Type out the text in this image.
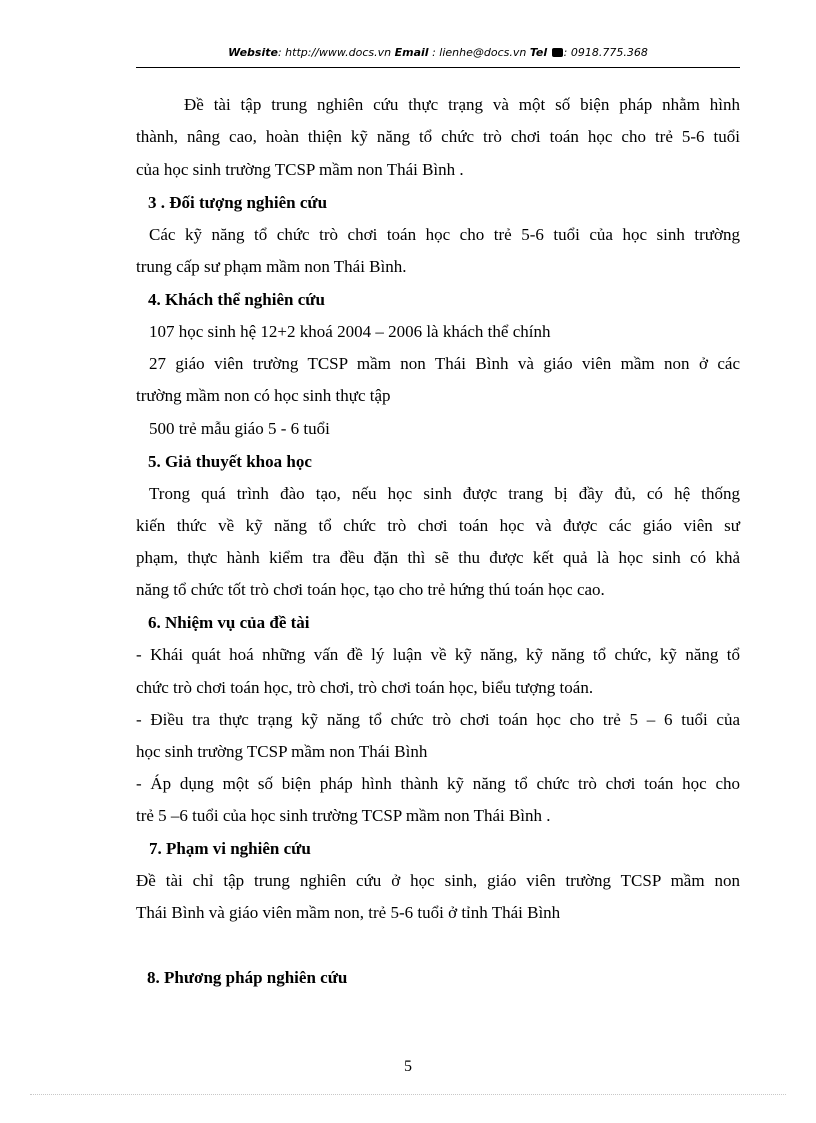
Website: http://www.docs.vn Email : lienhe@docs.vn Tel : 0918.775.368
Đề tài tập trung nghiên cứu thực trạng và một số biện pháp nhằm hình
thành, nâng cao, hoàn thiện kỹ năng tổ chức trò chơi toán học cho trẻ 5-6 tuổi
của học sinh trường TCSP mầm non Thái Bình .
3 . Đối tượng nghiên cứu
Các kỹ năng tổ chức trò chơi toán học cho trẻ 5-6 tuổi của học sinh trường
trung cấp sư phạm mầm non Thái Bình.
4. Khách thể nghiên cứu
107 học sinh hệ 12+2 khoá 2004 – 2006 là khách thể chính
27 giáo viên trường TCSP mầm non Thái Bình và giáo viên mầm non ở các
trường mầm non có học sinh thực tập
500 trẻ mẫu giáo 5 - 6 tuổi
5. Giả thuyết khoa học
Trong quá trình đào tạo, nếu học sinh được trang bị đầy đủ, có hệ thống
kiến thức về kỹ năng tổ chức trò chơi toán học và được các giáo viên sư
phạm, thực hành kiểm tra đều đặn thì sẽ thu được kết quả là học sinh có khả
năng tổ chức tốt trò chơi toán học, tạo cho trẻ hứng thú toán học cao.
6. Nhiệm vụ của đề tài
- Khái quát hoá những vấn đề lý luận về kỹ năng, kỹ năng tổ chức, kỹ năng tổ
chức trò chơi toán học, trò chơi, trò chơi toán học, biểu tượng toán.
- Điều tra thực trạng kỹ năng tổ chức trò chơi toán học cho trẻ 5 – 6 tuổi của
học sinh trường TCSP mầm non Thái Bình
- Áp dụng một số biện pháp hình thành kỹ năng tổ chức trò chơi toán học cho
trẻ 5 –6 tuổi của học sinh trường TCSP mầm non Thái Bình .
7. Phạm vi nghiên cứu
Đề tài chỉ tập trung nghiên cứu ở học sinh, giáo viên trường TCSP mầm non
Thái Bình và giáo viên mầm non, trẻ 5-6 tuổi ở tỉnh Thái Bình
8. Phương pháp nghiên cứu
5
